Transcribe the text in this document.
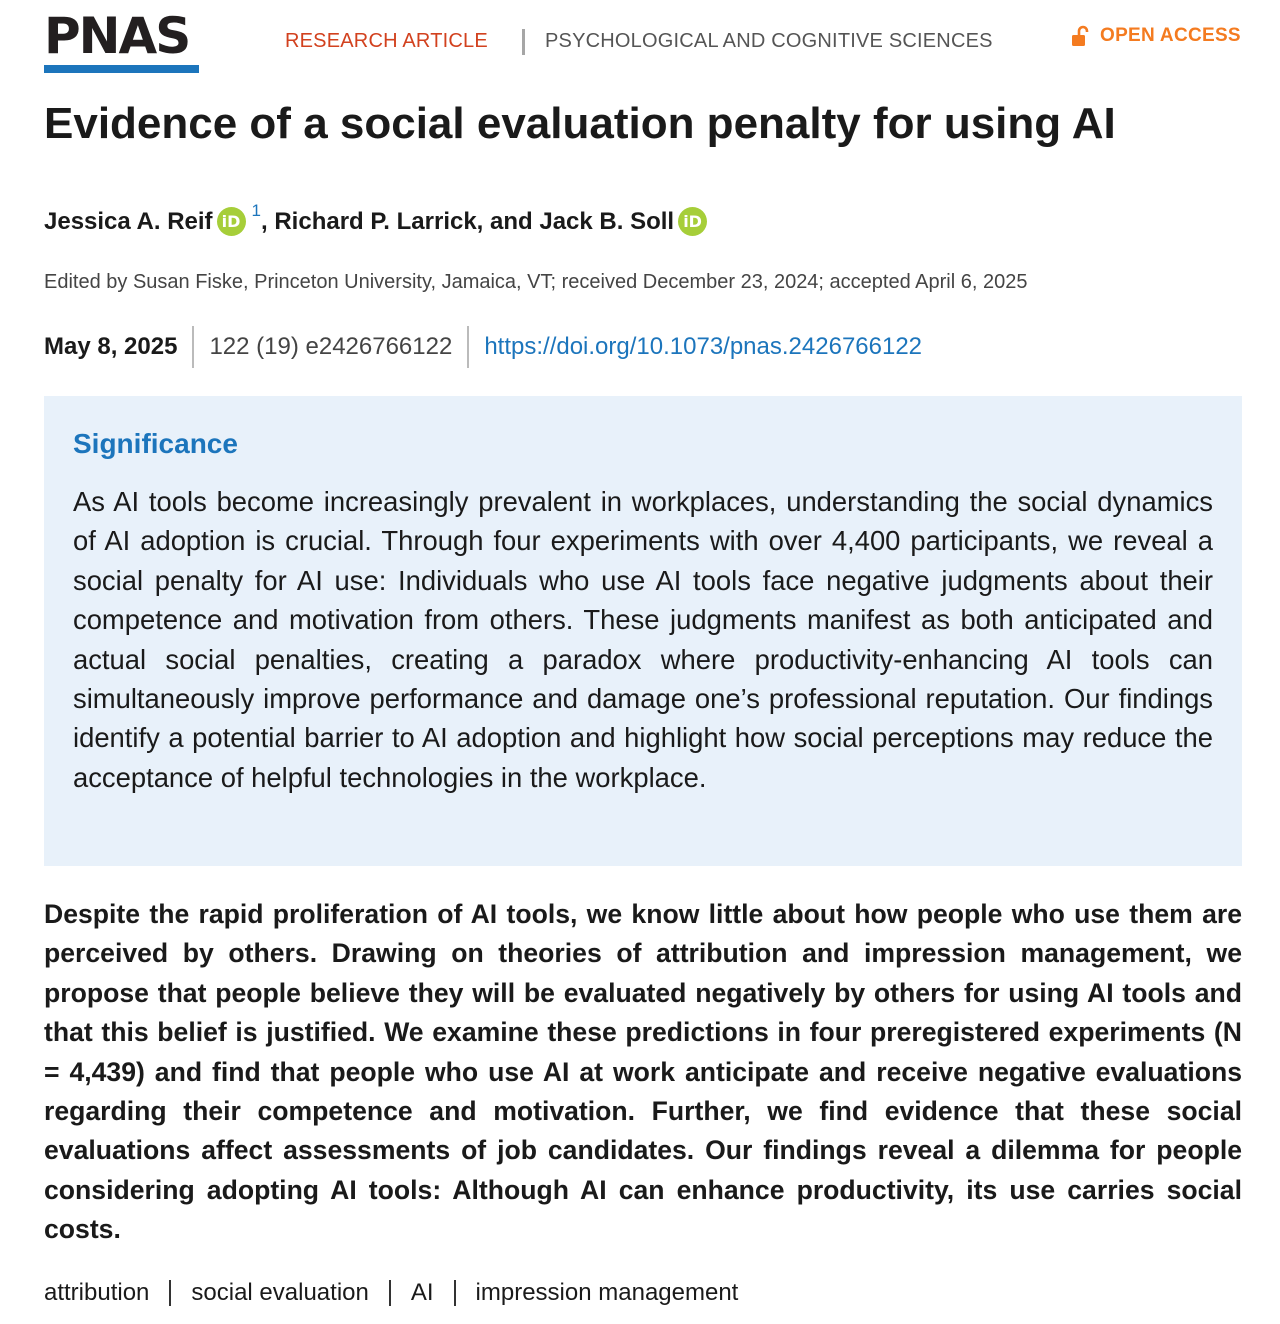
PNAS	RESEARCH ARTICLE	PSYCHOLOGICAL AND COGNITIVE SCIENCES	OPEN ACCESS
Evidence of a social evaluation penalty for using AI
Jessica A. Reif iD
$^1$ , Richard P. Larrick, and Jack B. Soll iD
Edited by Susan Fiske, Princeton University, Jamaica, VT; received December 23, 2024; accepted April 6, 2025
May 8, 2025 122 (19) e2426766122 https://doi.org/10.1073/pnas.2426766122
Significance

As AI tools become increasingly prevalent in workplaces, understanding the social dynamics of AI adoption is crucial. Through four experiments with over 4,400 participants, we reveal a social penalty for AI use: Individuals who use AI tools face negative judgments about their competence and motivation from others. These judgments manifest as both anticipated and actual social penalties, creating a paradox where productivity-enhancing AI tools can simultaneously improve performance and damage one’s professional reputation. Our findings identify a potential barrier to AI adoption and highlight how social perceptions may reduce the acceptance of helpful technologies in the workplace.

Despite the rapid proliferation of AI tools, we know little about how people who use them are perceived by others. Drawing on theories of attribution and impression management, we propose that people believe they will be evaluated negatively by others for using AI tools and that this belief is justified. We examine these predictions in four preregistered experiments (N = 4,439) and find that people who use AI at work anticipate and receive negative evaluations regarding their competence and motivation. Further, we find evidence that these social evaluations affect assessments of job candidates. Our findings reveal a dilemma for people considering adopting AI tools: Although AI can enhance productivity, its use carries social costs.

attribution social evaluation AI impression management
